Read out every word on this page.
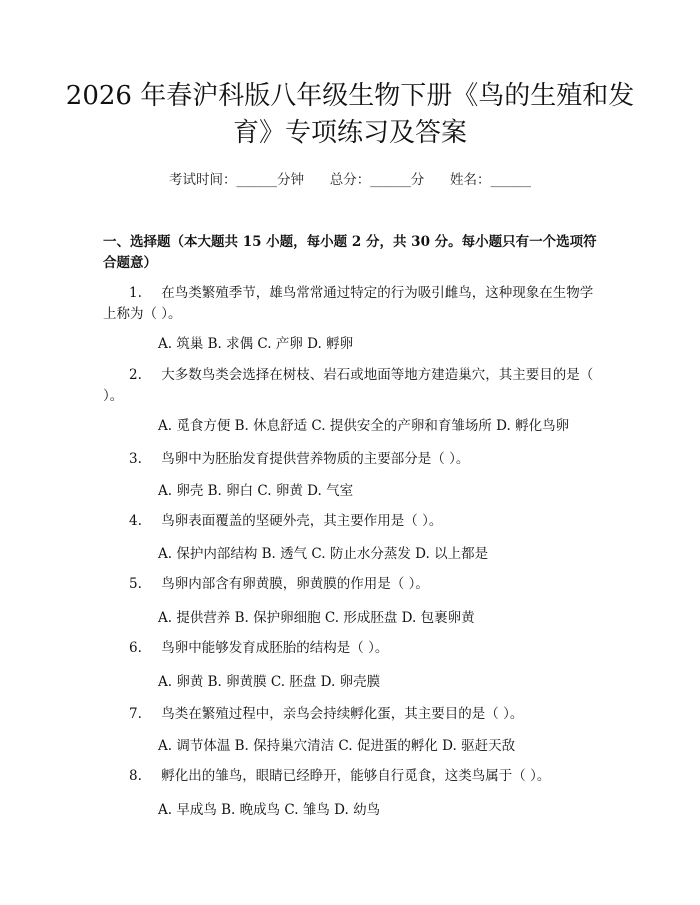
2026 年春沪科版八年级生物下册《鸟的生殖和发育》专项练习及答案
考试时间：______分钟      总分：______分      姓名：______
一、选择题（本大题共 15 小题，每小题 2 分，共 30 分。每小题只有一个选项符合题意）
1. 在鸟类繁殖季节，雄鸟常常通过特定的行为吸引雌鸟，这种现象在生物学上称为（ ）。
A. 筑巢 B. 求偶 C. 产卵 D. 孵卵
2. 大多数鸟类会选择在树枝、岩石或地面等地方建造巢穴，其主要目的是（ ）。
A. 觅食方便 B. 休息舒适 C. 提供安全的产卵和育雏场所 D. 孵化鸟卵
3. 鸟卵中为胚胎发育提供营养物质的主要部分是（ ）。
A. 卵壳 B. 卵白 C. 卵黄 D. 气室
4. 鸟卵表面覆盖的坚硬外壳，其主要作用是（ ）。
A. 保护内部结构 B. 透气 C. 防止水分蒸发 D. 以上都是
5. 鸟卵内部含有卵黄膜，卵黄膜的作用是（ ）。
A. 提供营养 B. 保护卵细胞 C. 形成胚盘 D. 包裹卵黄
6. 鸟卵中能够发育成胚胎的结构是（ ）。
A. 卵黄 B. 卵黄膜 C. 胚盘 D. 卵壳膜
7. 鸟类在繁殖过程中，亲鸟会持续孵化蛋，其主要目的是（ ）。
A. 调节体温 B. 保持巢穴清洁 C. 促进蛋的孵化 D. 驱赶天敌
8. 孵化出的雏鸟，眼睛已经睁开，能够自行觅食，这类鸟属于（ ）。
A. 早成鸟 B. 晚成鸟 C. 雏鸟 D. 幼鸟
